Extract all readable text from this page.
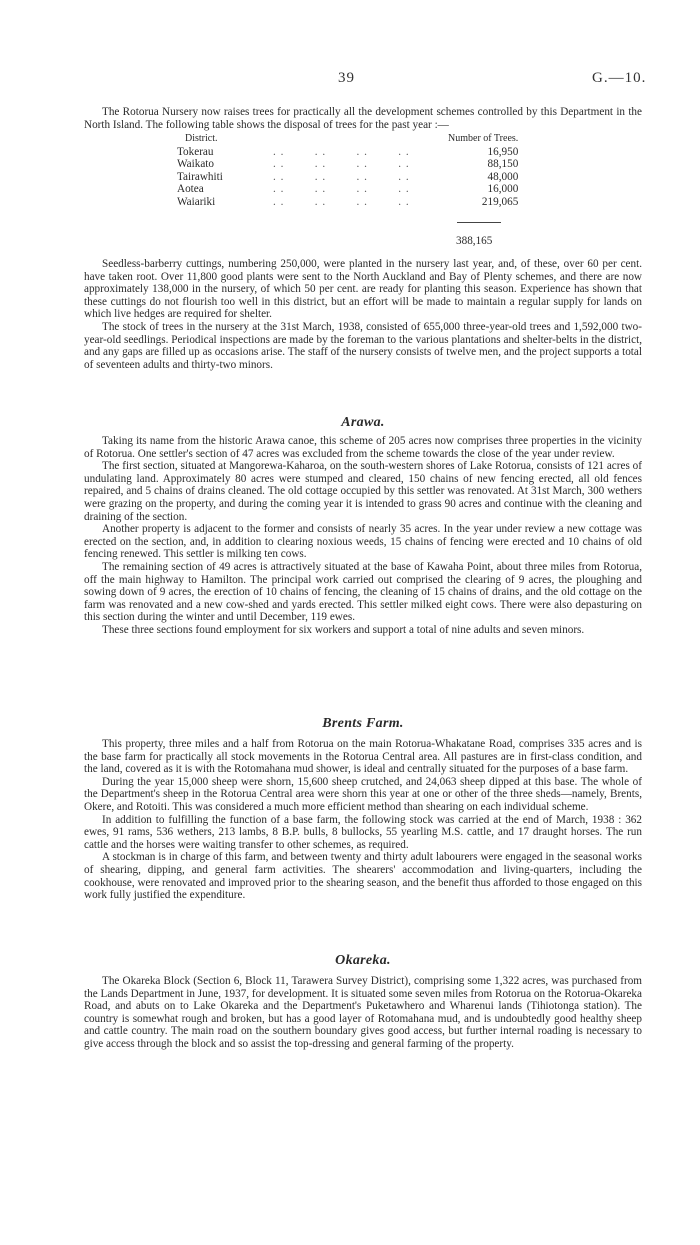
39	G.—10.

The Rotorua Nursery now raises trees for practically all the development schemes controlled by this Department in the North Island. The following table shows the disposal of trees for the past year :—

District.		Number of Trees.
Tokerau	. .        . .        . .        . .	16,950
Waikato	. .        . .        . .        . .	88,150
Tairawhiti	. .        . .        . .        . .	48,000
Aotea	. .        . .        . .        . .	16,000
Waiariki	. .        . .        . .        . .	219,065
388,165

Seedless-barberry cuttings, numbering 250,000, were planted in the nursery last year, and, of these, over 60 per cent. have taken root. Over 11,800 good plants were sent to the North Auckland and Bay of Plenty schemes, and there are now approximately 138,000 in the nursery, of which 50 per cent. are ready for planting this season. Experience has shown that these cuttings do not flourish too well in this district, but an effort will be made to maintain a regular supply for lands on which live hedges are required for shelter.

The stock of trees in the nursery at the 31st March, 1938, consisted of 655,000 three-year-old trees and 1,592,000 two-year-old seedlings. Periodical inspections are made by the foreman to the various plantations and shelter-belts in the district, and any gaps are filled up as occasions arise. The staff of the nursery consists of twelve men, and the project supports a total of seventeen adults and thirty-two minors.

Arawa.

Taking its name from the historic Arawa canoe, this scheme of 205 acres now comprises three properties in the vicinity of Rotorua. One settler's section of 47 acres was excluded from the scheme towards the close of the year under review.

The first section, situated at Mangorewa-Kaharoa, on the south-western shores of Lake Rotorua, consists of 121 acres of undulating land. Approximately 80 acres were stumped and cleared, 150 chains of new fencing erected, all old fences repaired, and 5 chains of drains cleaned. The old cottage occupied by this settler was renovated. At 31st March, 300 wethers were grazing on the property, and during the coming year it is intended to grass 90 acres and continue with the cleaning and draining of the section.

Another property is adjacent to the former and consists of nearly 35 acres. In the year under review a new cottage was erected on the section, and, in addition to clearing noxious weeds, 15 chains of fencing were erected and 10 chains of old fencing renewed. This settler is milking ten cows.

The remaining section of 49 acres is attractively situated at the base of Kawaha Point, about three miles from Rotorua, off the main highway to Hamilton. The principal work carried out comprised the clearing of 9 acres, the ploughing and sowing down of 9 acres, the erection of 10 chains of fencing, the cleaning of 15 chains of drains, and the old cottage on the farm was renovated and a new cow-shed and yards erected. This settler milked eight cows. There were also depasturing on this section during the winter and until December, 119 ewes.

These three sections found employment for six workers and support a total of nine adults and seven minors.

Brents Farm.

This property, three miles and a half from Rotorua on the main Rotorua-Whakatane Road, comprises 335 acres and is the base farm for practically all stock movements in the Rotorua Central area. All pastures are in first-class condition, and the land, covered as it is with the Rotomahana mud shower, is ideal and centrally situated for the purposes of a base farm.

During the year 15,000 sheep were shorn, 15,600 sheep crutched, and 24,063 sheep dipped at this base. The whole of the Department's sheep in the Rotorua Central area were shorn this year at one or other of the three sheds—namely, Brents, Okere, and Rotoiti. This was considered a much more efficient method than shearing on each individual scheme.

In addition to fulfilling the function of a base farm, the following stock was carried at the end of March, 1938 : 362 ewes, 91 rams, 536 wethers, 213 lambs, 8 B.P. bulls, 8 bullocks, 55 yearling M.S. cattle, and 17 draught horses. The run cattle and the horses were waiting transfer to other schemes, as required.

A stockman is in charge of this farm, and between twenty and thirty adult labourers were engaged in the seasonal works of shearing, dipping, and general farm activities. The shearers' accommodation and living-quarters, including the cookhouse, were renovated and improved prior to the shearing season, and the benefit thus afforded to those engaged on this work fully justified the expenditure.

Okareka.

The Okareka Block (Section 6, Block 11, Tarawera Survey District), comprising some 1,322 acres, was purchased from the Lands Department in June, 1937, for development. It is situated some seven miles from Rotorua on the Rotorua-Okareka Road, and abuts on to Lake Okareka and the Department's Puketawhero and Wharenui lands (Tihiotonga station). The country is somewhat rough and broken, but has a good layer of Rotomahana mud, and is undoubtedly good healthy sheep and cattle country. The main road on the southern boundary gives good access, but further internal roading is necessary to give access through the block and so assist the top-dressing and general farming of the property.
